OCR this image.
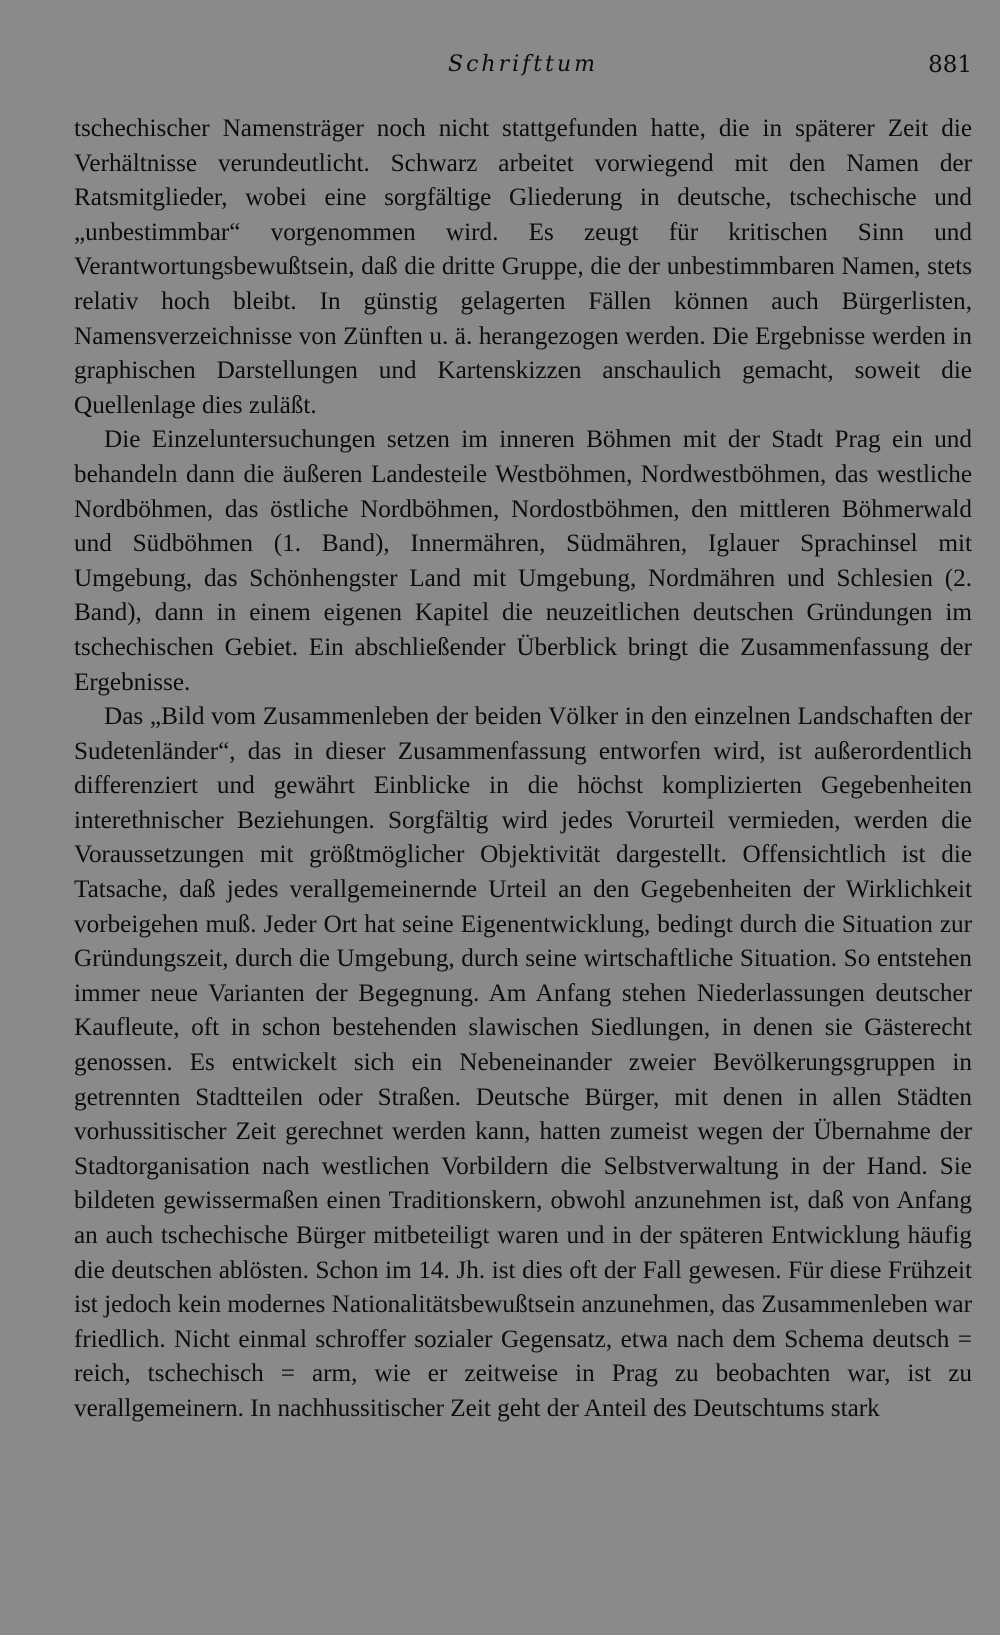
Schrifttum	881

tschechischer Namensträger noch nicht stattgefunden hatte, die in späterer Zeit die Verhältnisse verundeutlicht. Schwarz arbeitet vorwiegend mit den Namen der Ratsmitglieder, wobei eine sorgfältige Gliederung in deutsche, tschechische und „unbestimmbar“ vorgenommen wird. Es zeugt für kritischen Sinn und Verantwortungsbewußtsein, daß die dritte Gruppe, die der unbestimmbaren Namen, stets relativ hoch bleibt. In günstig gelagerten Fällen können auch Bürgerlisten, Namensverzeichnisse von Zünften u. ä. herangezogen werden. Die Ergebnisse werden in graphischen Darstellungen und Kartenskizzen anschaulich gemacht, soweit die Quellenlage dies zuläßt.

Die Einzeluntersuchungen setzen im inneren Böhmen mit der Stadt Prag ein und behandeln dann die äußeren Landesteile Westböhmen, Nordwestböhmen, das westliche Nordböhmen, das östliche Nordböhmen, Nordostböhmen, den mittleren Böhmerwald und Südböhmen (1. Band), Innermähren, Südmähren, Iglauer Sprachinsel mit Umgebung, das Schönhengster Land mit Umgebung, Nordmähren und Schlesien (2. Band), dann in einem eigenen Kapitel die neuzeitlichen deutschen Gründungen im tschechischen Gebiet. Ein abschließender Überblick bringt die Zusammenfassung der Ergebnisse.

Das „Bild vom Zusammenleben der beiden Völker in den einzelnen Landschaften der Sudetenländer“, das in dieser Zusammenfassung entworfen wird, ist außerordentlich differenziert und gewährt Einblicke in die höchst komplizierten Gegebenheiten interethnischer Beziehungen. Sorgfältig wird jedes Vorurteil vermieden, werden die Voraussetzungen mit größtmöglicher Objektivität dargestellt. Offensichtlich ist die Tatsache, daß jedes verallgemeinernde Urteil an den Gegebenheiten der Wirklichkeit vorbeigehen muß. Jeder Ort hat seine Eigenentwicklung, bedingt durch die Situation zur Gründungszeit, durch die Umgebung, durch seine wirtschaftliche Situation. So entstehen immer neue Varianten der Begegnung. Am Anfang stehen Niederlassungen deutscher Kaufleute, oft in schon bestehenden slawischen Siedlungen, in denen sie Gästerecht genossen. Es entwickelt sich ein Nebeneinander zweier Bevölkerungsgruppen in getrennten Stadtteilen oder Straßen. Deutsche Bürger, mit denen in allen Städten vorhussitischer Zeit gerechnet werden kann, hatten zumeist wegen der Übernahme der Stadtorganisation nach westlichen Vorbildern die Selbstverwaltung in der Hand. Sie bildeten gewissermaßen einen Traditionskern, obwohl anzunehmen ist, daß von Anfang an auch tschechische Bürger mitbeteiligt waren und in der späteren Entwicklung häufig die deutschen ablösten. Schon im 14. Jh. ist dies oft der Fall gewesen. Für diese Frühzeit ist jedoch kein modernes Nationalitätsbewußtsein anzunehmen, das Zusammenleben war friedlich. Nicht einmal schroffer sozialer Gegensatz, etwa nach dem Schema deutsch = reich, tschechisch = arm, wie er zeitweise in Prag zu beobachten war, ist zu verallgemeinern. In nachhussitischer Zeit geht der Anteil des Deutschtums stark
